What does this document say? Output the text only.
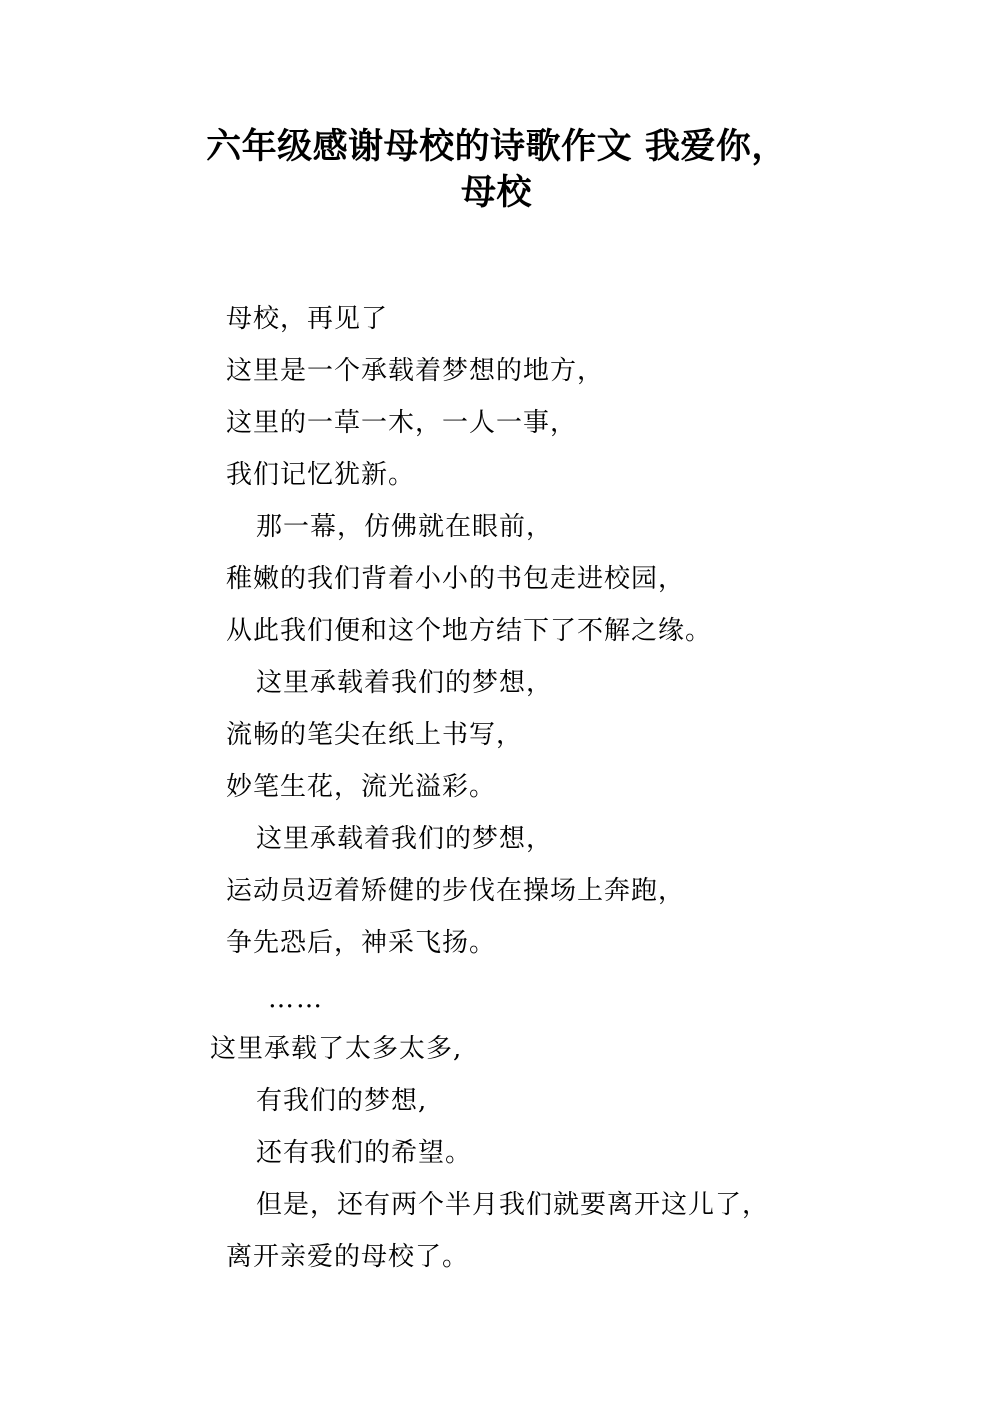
六年级感谢母校的诗歌作文 我爱你，
母校
母校，再见了
这里是一个承载着梦想的地方，
这里的一草一木，一人一事，
我们记忆犹新。
那一幕，仿佛就在眼前，
稚嫩的我们背着小小的书包走进校园，
从此我们便和这个地方结下了不解之缘。
这里承载着我们的梦想，
流畅的笔尖在纸上书写，
妙笔生花，流光溢彩。
这里承载着我们的梦想，
运动员迈着矫健的步伐在操场上奔跑，
争先恐后，神采飞扬。
……
这里承载了太多太多,
有我们的梦想,
还有我们的希望。
但是，还有两个半月我们就要离开这儿了，
离开亲爱的母校了。
